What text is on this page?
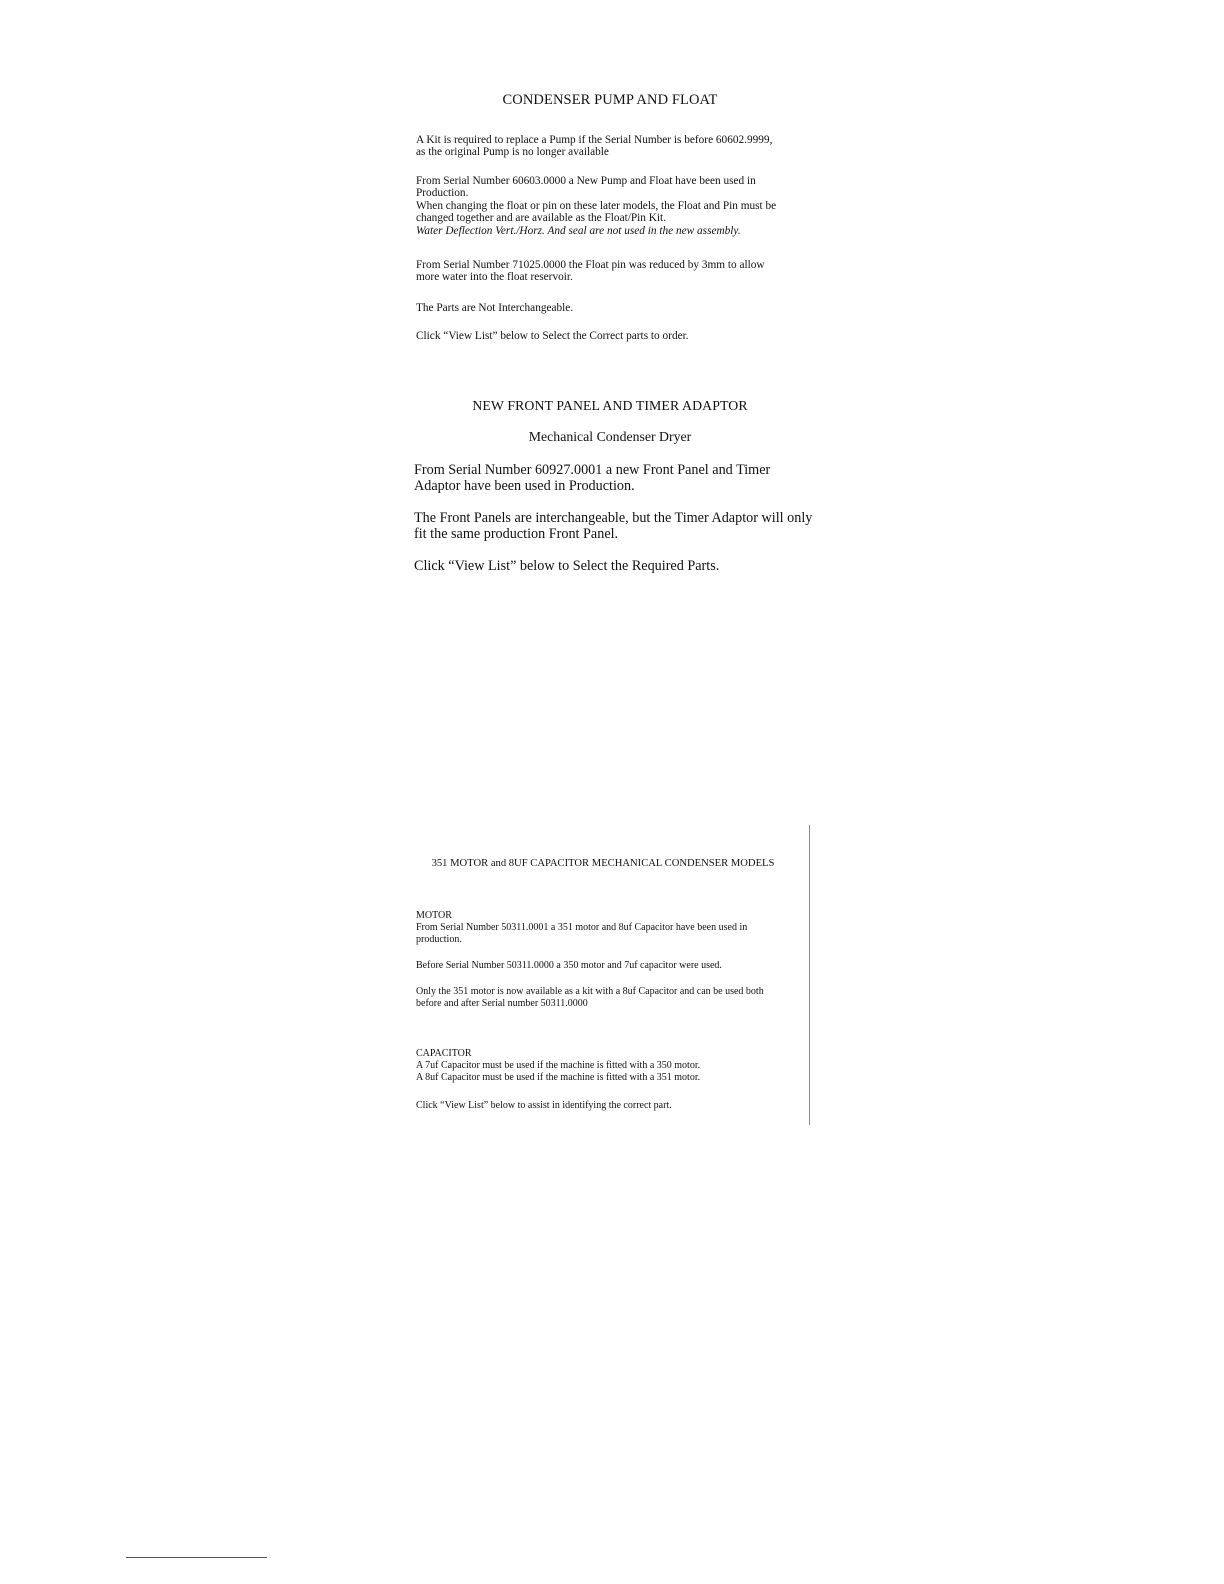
CONDENSER PUMP AND FLOAT

A Kit is required to replace a Pump if the Serial Number is before 60602.9999,
as the original Pump is no longer available

From Serial Number 60603.0000 a New Pump and Float have been used in
Production.
When changing the float or pin on these later models, the Float and Pin must be
changed together and are available as the Float/Pin Kit.
Water Deflection Vert./Horz. And seal are not used in the new assembly.

From Serial Number 71025.0000 the Float pin was reduced by 3mm to allow
more water into the float reservoir.

The Parts are Not Interchangeable.

Click “View List” below to Select the Correct parts to order.

NEW FRONT PANEL AND TIMER ADAPTOR
Mechanical Condenser Dryer

From Serial Number 60927.0001 a new Front Panel and Timer
Adaptor have been used in Production.

The Front Panels are interchangeable, but the Timer Adaptor will only
fit the same production Front Panel.

Click “View List” below to Select the Required Parts.

351 MOTOR and 8UF CAPACITOR MECHANICAL CONDENSER MODELS

MOTOR
From Serial Number 50311.0001 a 351 motor and 8uf Capacitor have been used in
production.

Before Serial Number 50311.0000 a 350 motor and 7uf capacitor were used.

Only the 351 motor is now available as a kit with a 8uf Capacitor and can be used both
before and after Serial number 50311.0000

CAPACITOR
A 7uf Capacitor must be used if the machine is fitted with a 350 motor.
A 8uf Capacitor must be used if the machine is fitted with a 351 motor.

Click “View List” below to assist in identifying the correct part.
